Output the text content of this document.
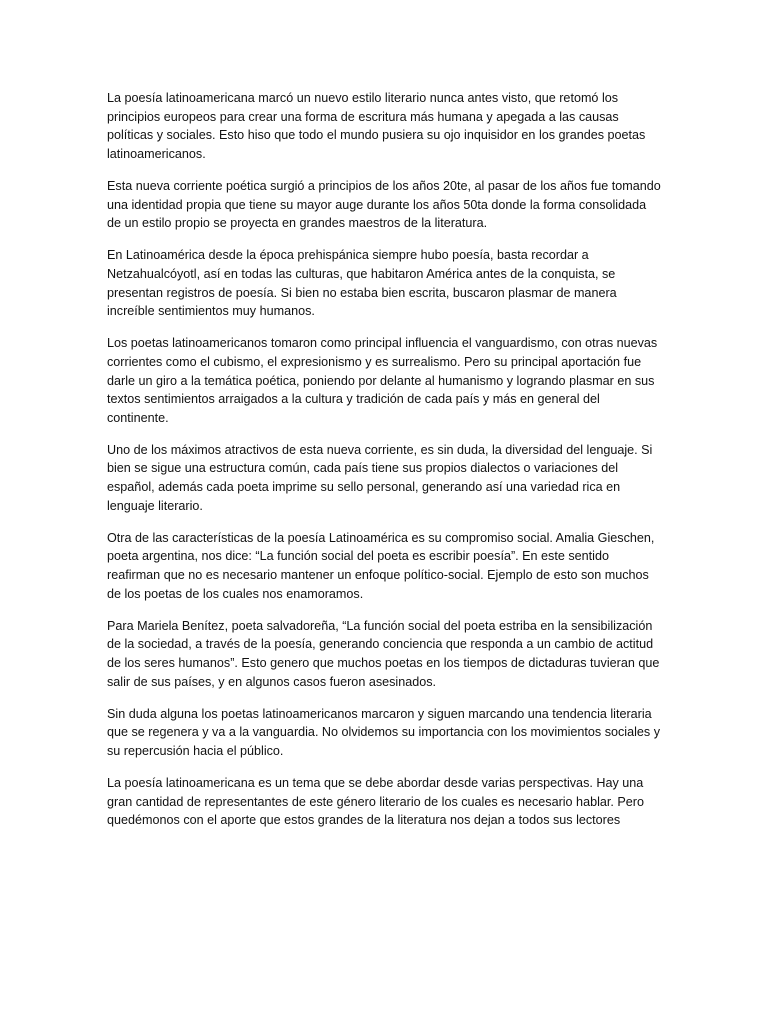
La poesía latinoamericana marcó un nuevo estilo literario nunca antes visto, que retomó los
principios europeos para crear una forma de escritura más humana y apegada a las causas
políticas y sociales. Esto hiso que todo el mundo pusiera su ojo inquisidor en los grandes poetas
latinoamericanos.

Esta nueva corriente poética surgió a principios de los años 20te, al pasar de los años fue tomando
una identidad propia que tiene su mayor auge durante los años 50ta donde la forma consolidada
de un estilo propio se proyecta en grandes maestros de la literatura.

En Latinoamérica desde la época prehispánica siempre hubo poesía, basta recordar a
Netzahualcóyotl, así en todas las culturas, que habitaron América antes de la conquista, se
presentan registros de poesía. Si bien no estaba bien escrita, buscaron plasmar de manera
increíble sentimientos muy humanos.

Los poetas latinoamericanos tomaron como principal influencia el vanguardismo, con otras nuevas
corrientes como el cubismo, el expresionismo y es surrealismo. Pero su principal aportación fue
darle un giro a la temática poética, poniendo por delante al humanismo y logrando plasmar en sus
textos sentimientos arraigados a la cultura y tradición de cada país y más en general del
continente.

Uno de los máximos atractivos de esta nueva corriente, es sin duda, la diversidad del lenguaje. Si
bien se sigue una estructura común, cada país tiene sus propios dialectos o variaciones del
español, además cada poeta imprime su sello personal, generando así una variedad rica en
lenguaje literario.

Otra de las características de la poesía Latinoamérica es su compromiso social. Amalia Gieschen,
poeta argentina, nos dice: “La función social del poeta es escribir poesía”. En este sentido
reafirman que no es necesario mantener un enfoque político-social. Ejemplo de esto son muchos
de los poetas de los cuales nos enamoramos.

Para Mariela Benítez, poeta salvadoreña, “La función social del poeta estriba en la sensibilización
de la sociedad, a través de la poesía, generando conciencia que responda a un cambio de actitud
de los seres humanos”. Esto genero que muchos poetas en los tiempos de dictaduras tuvieran que
salir de sus países, y en algunos casos fueron asesinados.

Sin duda alguna los poetas latinoamericanos marcaron y siguen marcando una tendencia literaria
que se regenera y va a la vanguardia. No olvidemos su importancia con los movimientos sociales y
su repercusión hacia el público.

La poesía latinoamericana es un tema que se debe abordar desde varias perspectivas. Hay una
gran cantidad de representantes de este género literario de los cuales es necesario hablar. Pero
quedémonos con el aporte que estos grandes de la literatura nos dejan a todos sus lectores
